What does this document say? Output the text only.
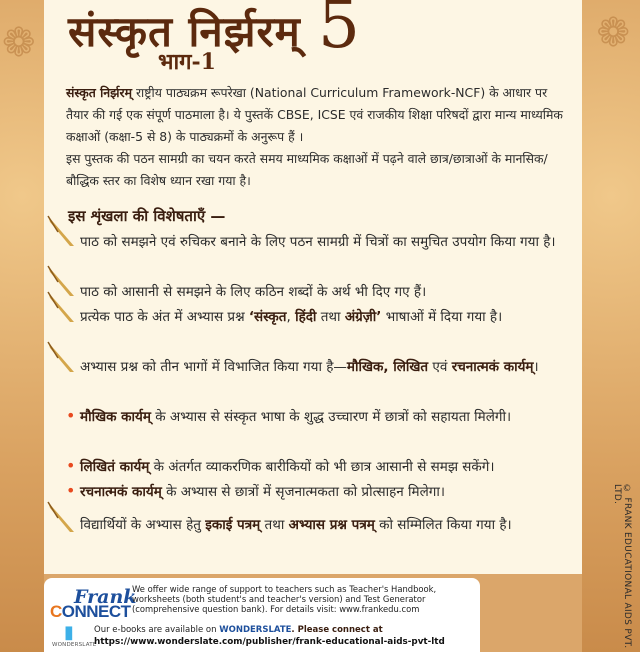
❁	❁
संस्कृत निर्झरम् 5
भाग-1

संस्कृत निर्झरम् राष्ट्रीय पाठ्यक्रम रूपरेखा (National Curriculum Framework-NCF) के आधार पर तैयार की गई एक संपूर्ण पाठमाला है। ये पुस्तकें CBSE, ICSE एवं राजकीय शिक्षा परिषदों द्वारा मान्य माध्यमिक कक्षाओं (कक्षा-5 से 8) के पाठ्यक्रमों के अनुरूप हैं ।

इस पुस्तक की पठन सामग्री का चयन करते समय माध्यमिक कक्षाओं में पढ़ने वाले छात्र/छात्राओं के मानसिक/बौद्धिक स्तर का विशेष ध्यान रखा गया है।

इस शृंखला की विशेषताएँ —

पाठ को समझने एवं रुचिकर बनाने के लिए पठन सामग्री में चित्रों का समुचित उपयोग किया गया है।

पाठ को आसानी से समझने के लिए कठिन शब्दों के अर्थ भी दिए गए हैं।

प्रत्येक पाठ के अंत में अभ्यास प्रश्न ‘संस्कृत, हिंदी तथा अंग्रेज़ी’ भाषाओं में दिया गया है।

अभ्यास प्रश्न को तीन भागों में विभाजित किया गया है—मौखिक, लिखित एवं रचनात्मकं कार्यम्।

• मौखिक कार्यम् के अभ्यास से संस्कृत भाषा के शुद्ध उच्चारण में छात्रों को सहायता मिलेगी।

• लिखितं कार्यम् के अंतर्गत व्याकरणिक बारीकियों को भी छात्र आसानी से समझ सकेंगे।

• रचनात्मकं कार्यम् के अभ्यास से छात्रों में सृजनात्मकता को प्रोत्साहन मिलेगा।

विद्यार्थियों के अभ्यास हेतु इकाई पत्रम् तथा अभ्यास प्रश्न पत्रम् को सम्मिलित किया गया है।	© FRANK EDUCATIONAL AIDS PVT. LTD.
Frank
CONNECT

We offer wide range of support to teachers such as Teacher's Handbook, worksheets (both student's and teacher's version) and Test Generator (comprehensive question bank). For details visit: www.frankedu.com

▮
WONDERSLATE

Our e-books are available on WONDERSLATE. Please connect at

https://www.wonderslate.com/publisher/frank-educational-aids-pvt-ltd
